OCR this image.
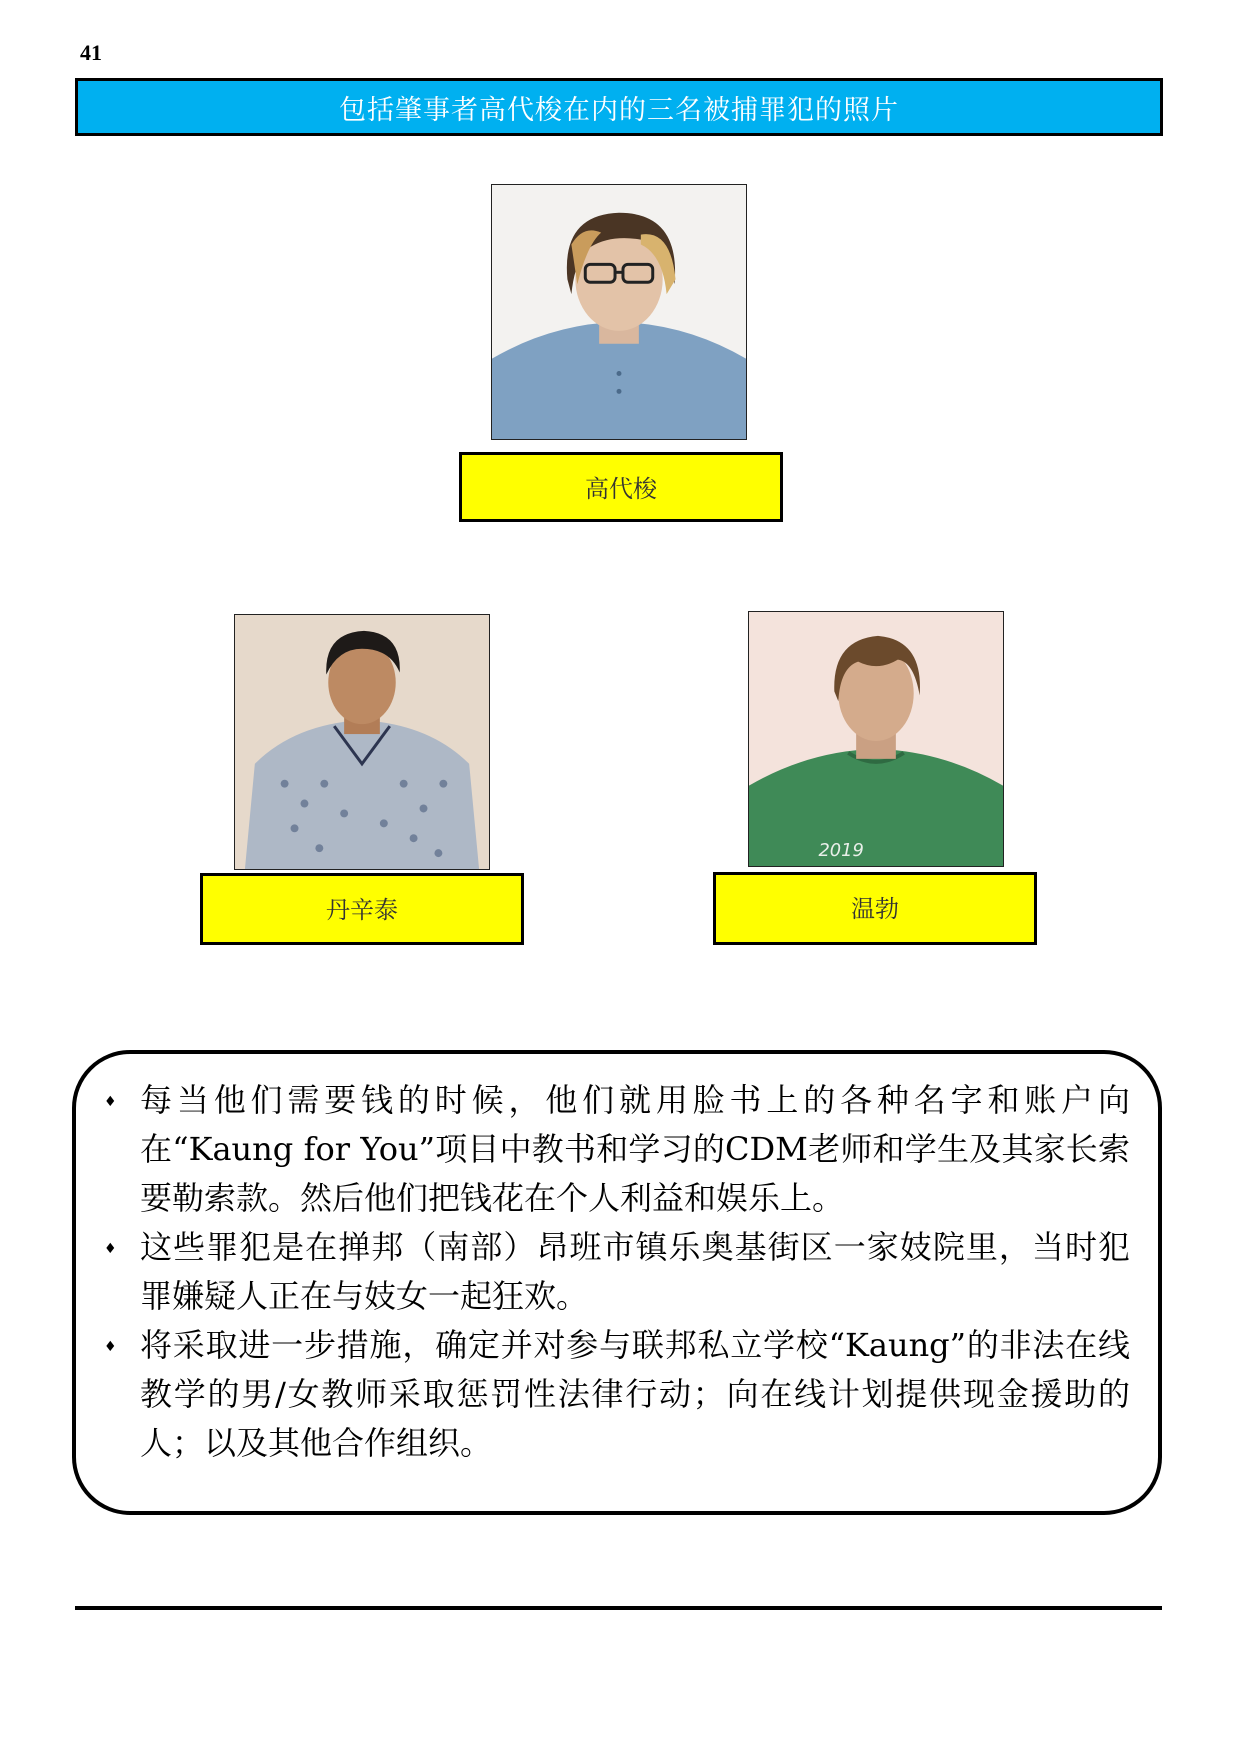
41
包括肇事者高代梭在内的三名被捕罪犯的照片
高代梭
丹辛泰
2019
温勃
♦ 每当他们需要钱的时候，他们就用脸书上的各种名字和账户向在“Kaung for You”项目中教书和学习的CDM老师和学生及其家长索要勒索款。然后他们把钱花在个人利益和娱乐上。
♦ 这些罪犯是在掸邦（南部）昂班市镇乐奥基街区一家妓院里，当时犯罪嫌疑人正在与妓女一起狂欢。
♦ 将采取进一步措施，确定并对参与联邦私立学校“Kaung”的非法在线教学的男/女教师采取惩罚性法律行动；向在线计划提供现金援助的人；以及其他合作组织。
